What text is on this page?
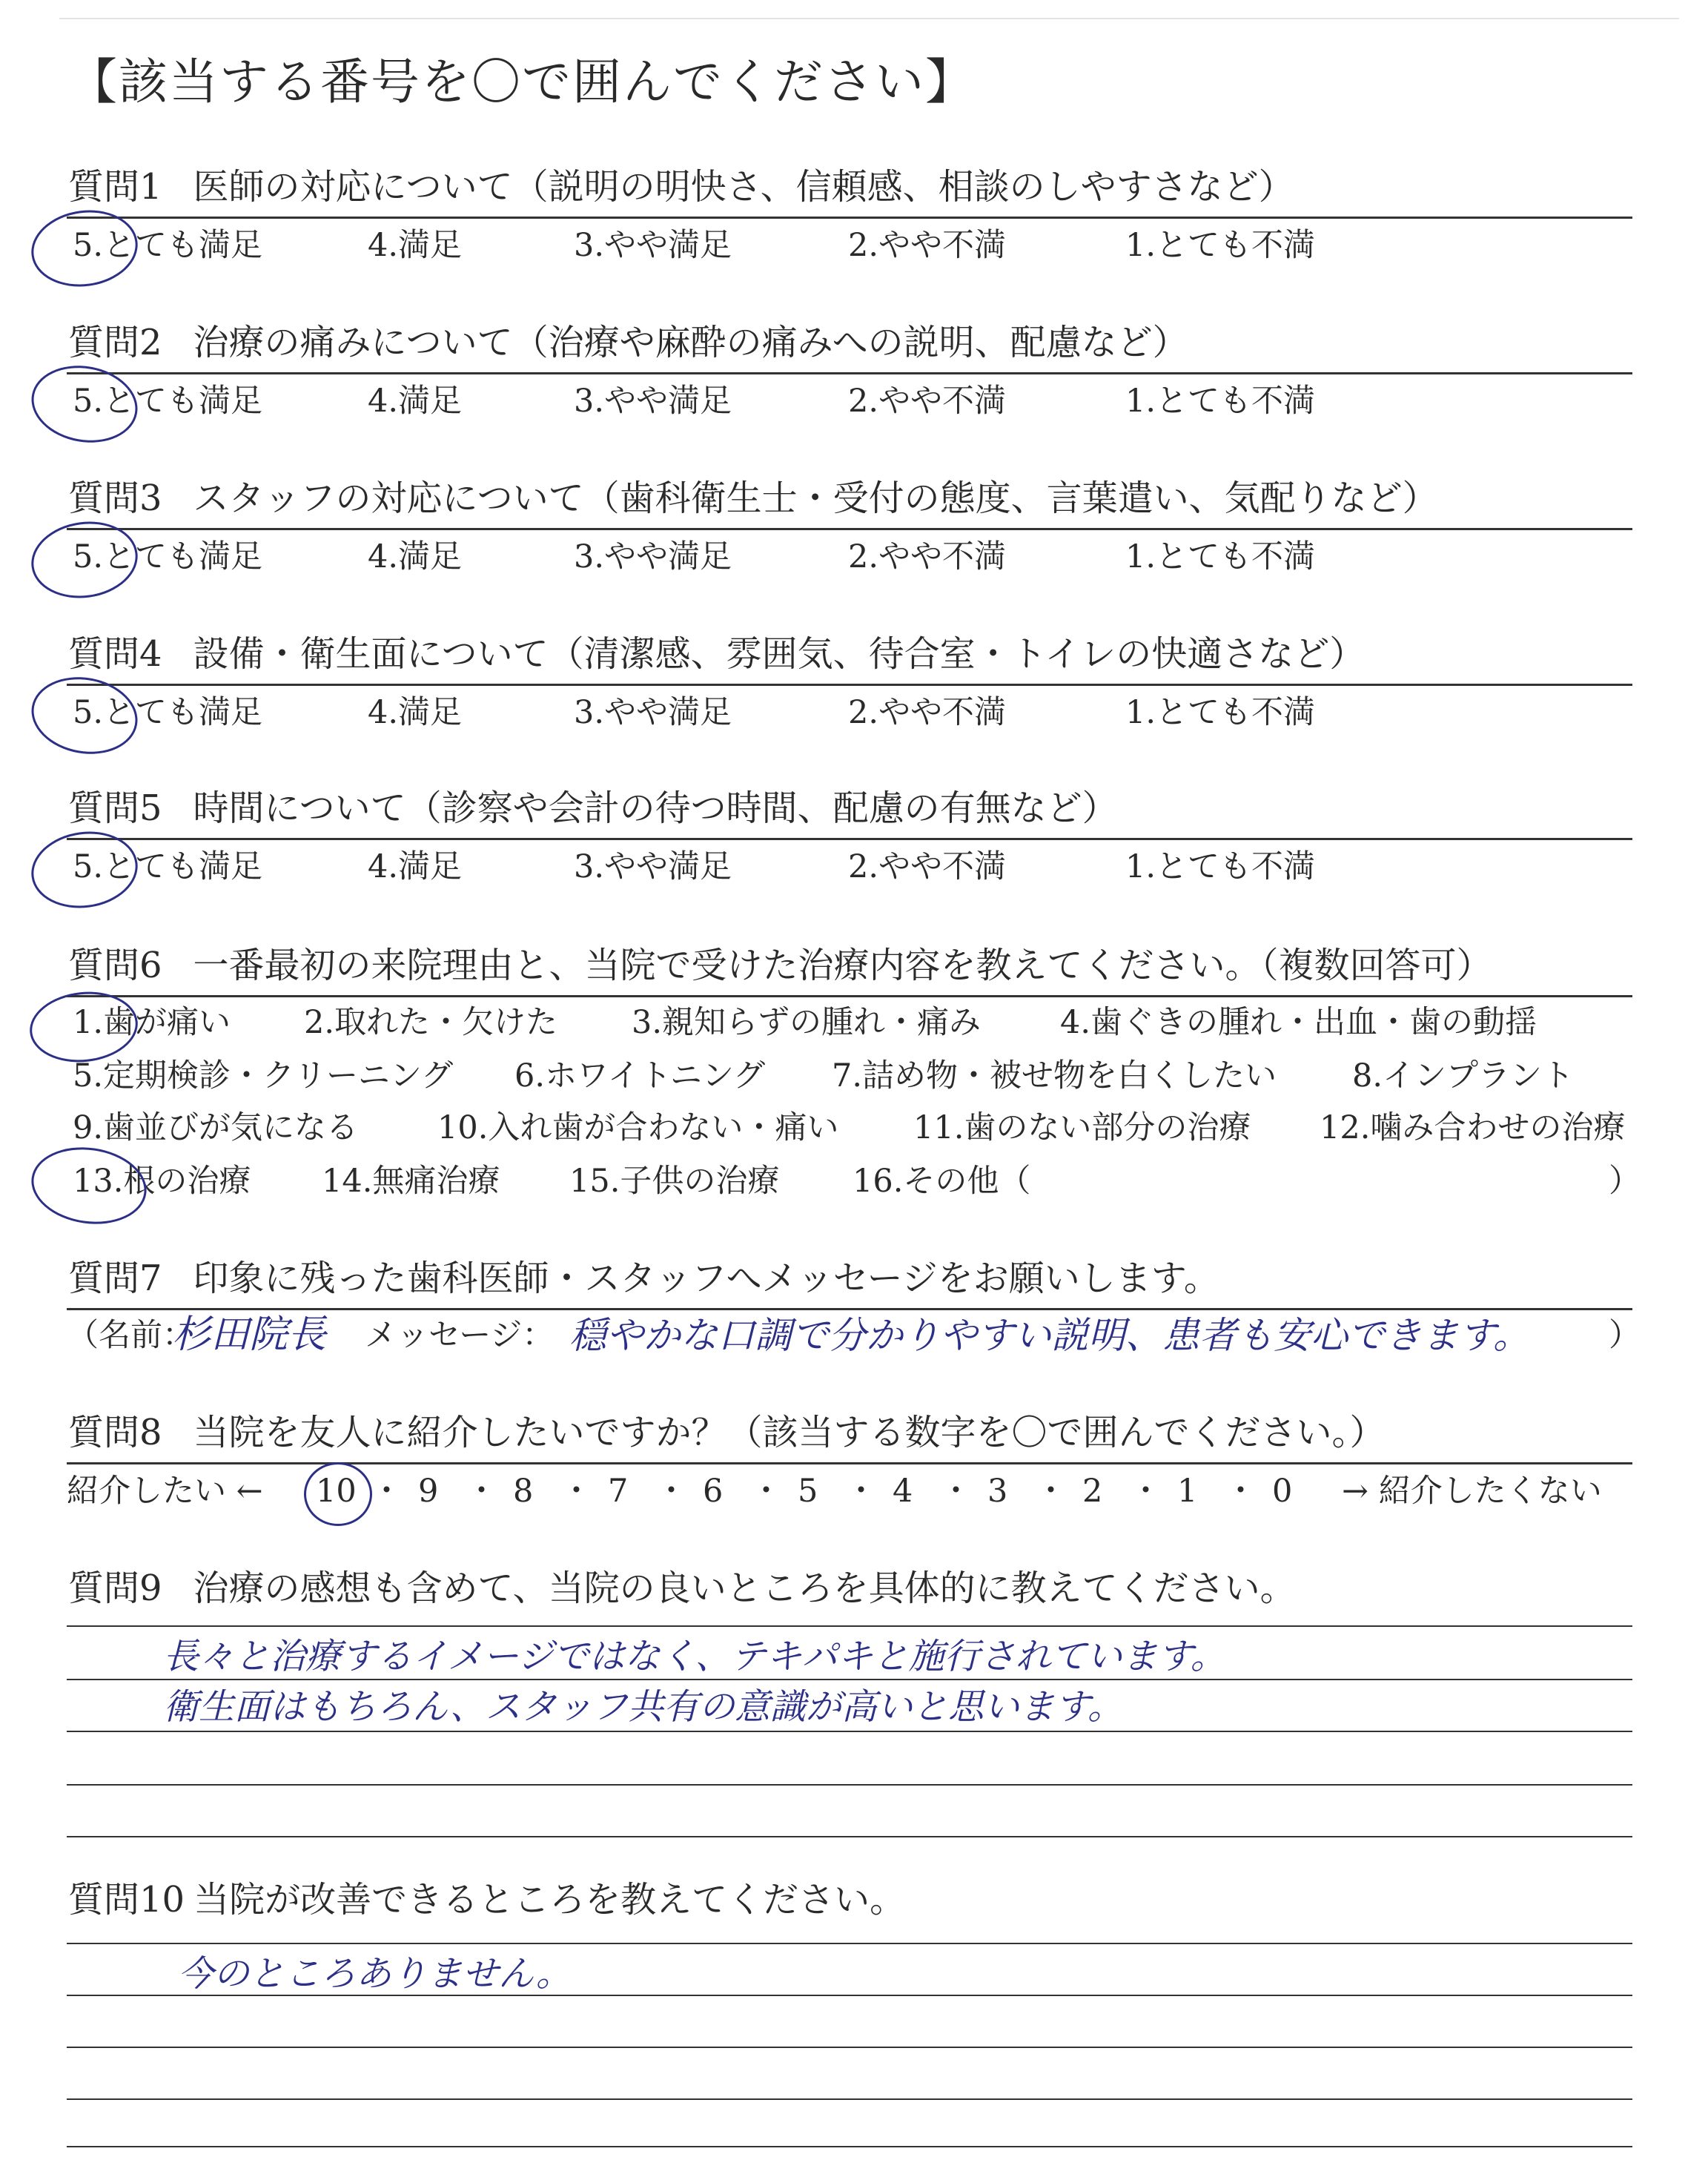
【該当する番号を〇で囲んでください】
質問1 医師の対応について（説明の明快さ、信頼感、相談のしやすさなど）
5.とても満足	4.満足	3.やや満足	2.やや不満	1.とても不満
質問2 治療の痛みについて（治療や麻酔の痛みへの説明、配慮など）
5.とても満足	4.満足	3.やや満足	2.やや不満	1.とても不満
質問3 スタッフの対応について（歯科衛生士・受付の態度、言葉遣い、気配りなど）
5.とても満足	4.満足	3.やや満足	2.やや不満	1.とても不満
質問4 設備・衛生面について（清潔感、雰囲気、待合室・トイレの快適さなど）
5.とても満足	4.満足	3.やや満足	2.やや不満	1.とても不満
質問5 時間について（診察や会計の待つ時間、配慮の有無など）
5.とても満足	4.満足	3.やや満足	2.やや不満	1.とても不満
質問6 一番最初の来院理由と、当院で受けた治療内容を教えてください。（複数回答可）
1.歯が痛い 2.取れた・欠けた 3.親知らずの腫れ・痛み 4.歯ぐきの腫れ・出血・歯の動揺
5.定期検診・クリーニング 6.ホワイトニング 7.詰め物・被せ物を白くしたい 8.インプラント
9.歯並びが気になる 10.入れ歯が合わない・痛い 11.歯のない部分の治療 12.噛み合わせの治療
13.根の治療 14.無痛治療 15.子供の治療 16.その他（	）
質問7 印象に残った歯科医師・スタッフへメッセージをお願いします。
（名前：
杉田院長 メッセージ： 穏やかな口調で分かりやすい説明、患者も安心できます。 ）
質問8 当院を友人に紹介したいですか？（該当する数字を〇で囲んでください。）
紹介したい ← 10 ・ 9 ・ 8 ・ 7 ・ 6 ・ 5 ・ 4 ・ 3 ・ 2 ・ 1 ・ 0 → 紹介したくない
質問9 治療の感想も含めて、当院の良いところを具体的に教えてください。
長々と治療するイメージではなく、テキパキと施行されています。
衛生面はもちろん、スタッフ共有の意識が高いと思います。
質問10 当院が改善できるところを教えてください。
今のところありません。
